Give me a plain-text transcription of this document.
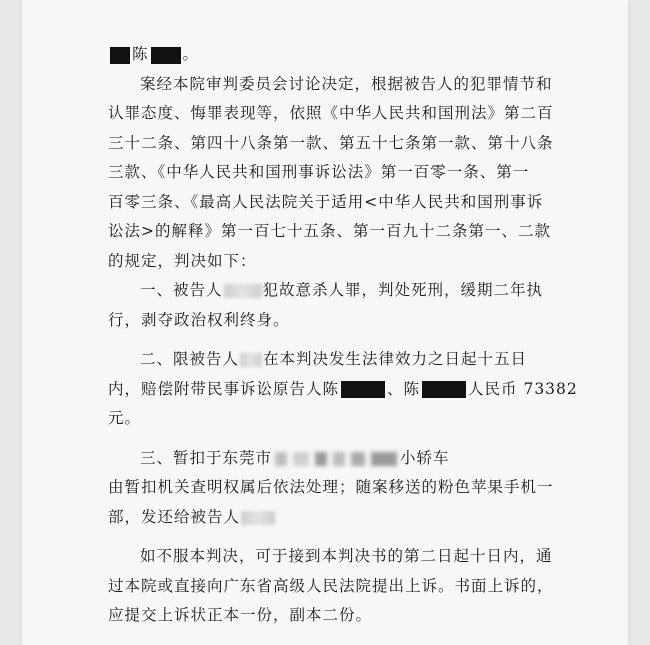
陈 。
案经本院审判委员会讨论决定，根据被告人的犯罪情节和
认罪态度、悔罪表现等，依照《中华人民共和国刑法》第二百
三十二条、第四十八条第一款、第五十七条第一款、第十八条
三款、《中华人民共和国刑事诉讼法》第一百零一条、第一
百零三条、《最高人民法院关于适用<中华人民共和国刑事诉
讼法>的解释》第一百七十五条、第一百九十二条第一、二款
的规定，判决如下：
一、被告人	犯故意杀人罪，判处死刑，缓期二年执
行，剥夺政治权利终身。
二、限被告人 在本判决发生法律效力之日起十五日
内，赔偿附带民事诉讼原告人陈	、陈	人民币 73382
元。
三、暂扣于东莞市	小轿车
由暂扣机关查明权属后依法处理；随案移送的粉色苹果手机一
部，发还给被告人
如不服本判决，可于接到本判决书的第二日起十日内，通
过本院或直接向广东省高级人民法院提出上诉。书面上诉的，
应提交上诉状正本一份，副本二份。
